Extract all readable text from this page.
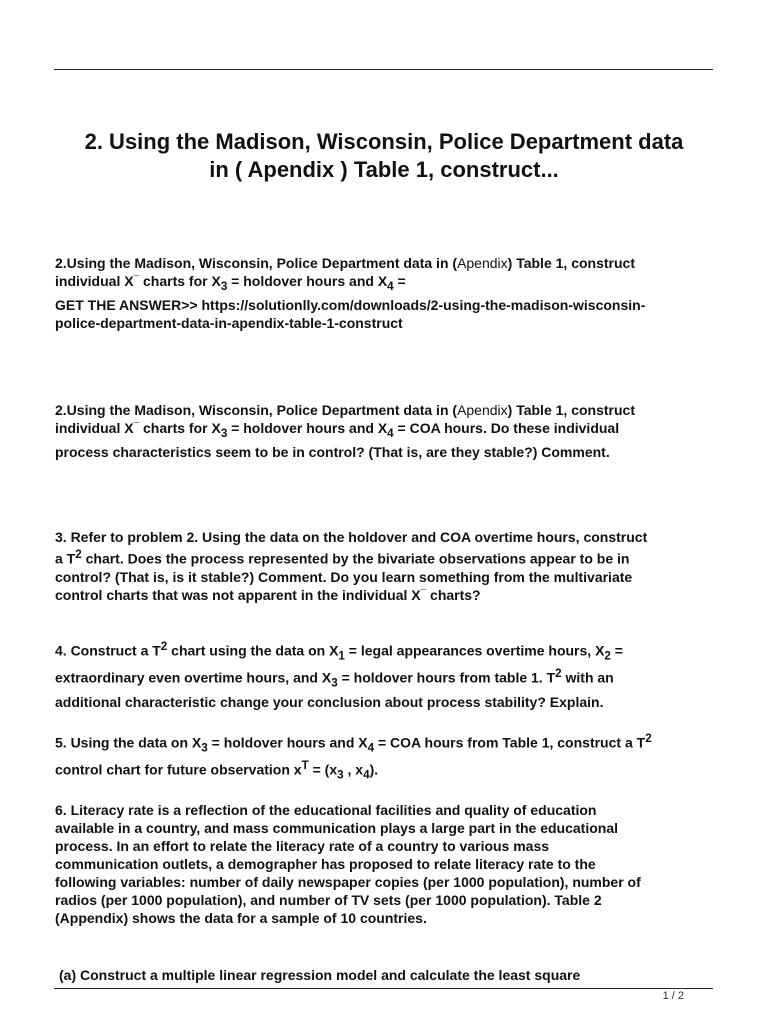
2. Using the Madison, Wisconsin, Police Department data
in ( Apendix ) Table 1, construct...

2.Using the Madison, Wisconsin, Police Department data in (Apendix) Table 1, construct
individual X¯ charts for $X_3$ = holdover hours and $X_4$ =
GET THE ANSWER>> https://solutionlly.com/downloads/2-using-the-madison-wisconsin-
police-department-data-in-apendix-table-1-construct

2.Using the Madison, Wisconsin, Police Department data in (Apendix) Table 1, construct
individual X¯ charts for $X_3$ = holdover hours and $X_4$ = COA hours. Do these individual
process characteristics seem to be in control? (That is, are they stable?) Comment.

3. Refer to problem 2. Using the data on the holdover and COA overtime hours, construct
a $T^2$ chart. Does the process represented by the bivariate observations appear to be in
control? (That is, is it stable?) Comment. Do you learn something from the multivariate
control charts that was not apparent in the individual X¯ charts?

4. Construct a $T^2$ chart using the data on $X_1$ = legal appearances overtime hours, $X_2$ =
extraordinary even overtime hours, and $X_3$ = holdover hours from table 1. $T^2$ with an
additional characteristic change your conclusion about process stability? Explain.

5. Using the data on $X_3$ = holdover hours and $X_4$ = COA hours from Table 1, construct a $T^2$
control chart for future observation $x^T = (x_3$ , $x_4$).

6. Literacy rate is a reflection of the educational facilities and quality of education
available in a country, and mass communication plays a large part in the educational
process. In an effort to relate the literacy rate of a country to various mass
communication outlets, a demographer has proposed to relate literacy rate to the
following variables: number of daily newspaper copies (per 1000 population), number of
radios (per 1000 population), and number of TV sets (per 1000 population). Table 2
(Appendix) shows the data for a sample of 10 countries.

(a) Construct a multiple linear regression model and calculate the least square

1 / 2
